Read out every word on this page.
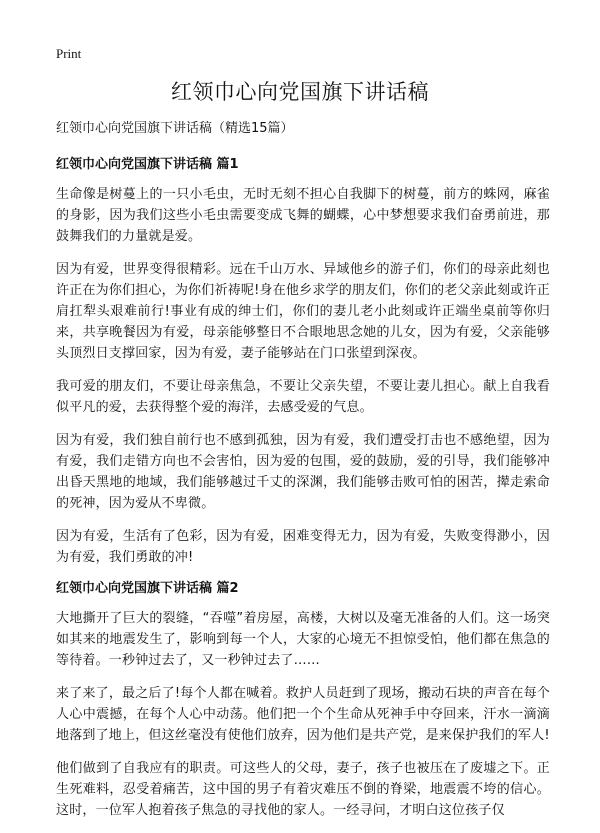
Print
红领巾心向党国旗下讲话稿

红领巾心向党国旗下讲话稿（精选15篇）

红领巾心向党国旗下讲话稿 篇1

生命像是树蔓上的一只小毛虫，无时无刻不担心自我脚下的树蔓，前方的蛛网，麻雀的身影，因为我们这些小毛虫需要变成飞舞的蝴蝶，心中梦想要求我们奋勇前进，那鼓舞我们的力量就是爱。

因为有爱，世界变得很精彩。远在千山万水、异域他乡的游子们，你们的母亲此刻也许正在为你们担心，为你们祈祷呢!身在他乡求学的朋友们，你们的老父亲此刻或许正肩扛犁头艰难前行!事业有成的绅士们，你们的妻儿老小此刻或许正端坐桌前等你归来，共享晚餐因为有爱，母亲能够整日不合眼地思念她的儿女，因为有爱，父亲能够头顶烈日支撑回家，因为有爱，妻子能够站在门口张望到深夜。

我可爱的朋友们，不要让母亲焦急，不要让父亲失望，不要让妻儿担心。献上自我看似平凡的爱，去获得整个爱的海洋，去感受爱的气息。

因为有爱，我们独自前行也不感到孤独，因为有爱，我们遭受打击也不感绝望，因为有爱，我们走错方向也不会害怕，因为爱的包围，爱的鼓励，爱的引导，我们能够冲出昏天黑地的地域，我们能够越过千丈的深渊，我们能够击败可怕的困苦，撵走索命的死神，因为爱从不卑微。

因为有爱，生活有了色彩，因为有爱，困难变得无力，因为有爱，失败变得渺小，因为有爱，我们勇敢的冲!

红领巾心向党国旗下讲话稿 篇2

大地撕开了巨大的裂缝，“吞噬”着房屋，高楼，大树以及毫无准备的人们。这一场突如其来的地震发生了，影响到每一个人，大家的心境无不担惊受怕，他们都在焦急的等待着。一秒钟过去了，又一秒钟过去了……

来了来了，最之后了!每个人都在喊着。救护人员赶到了现场，搬动石块的声音在每个人心中震撼，在每个人心中动荡。他们把一个个生命从死神手中夺回来，汗水一滴滴地落到了地上，但这丝毫没有使他们放弃，因为他们是共产党，是来保护我们的军人!

他们做到了自我应有的职责。可这些人的父母，妻子，孩子也被压在了废墟之下。正生死难料，忍受着痛苦，这中国的男子有着灾难压不倒的脊梁，地震震不垮的信心。这时，一位军人抱着孩子焦急的寻找他的家人。一经寻问，才明白这位孩子仅
